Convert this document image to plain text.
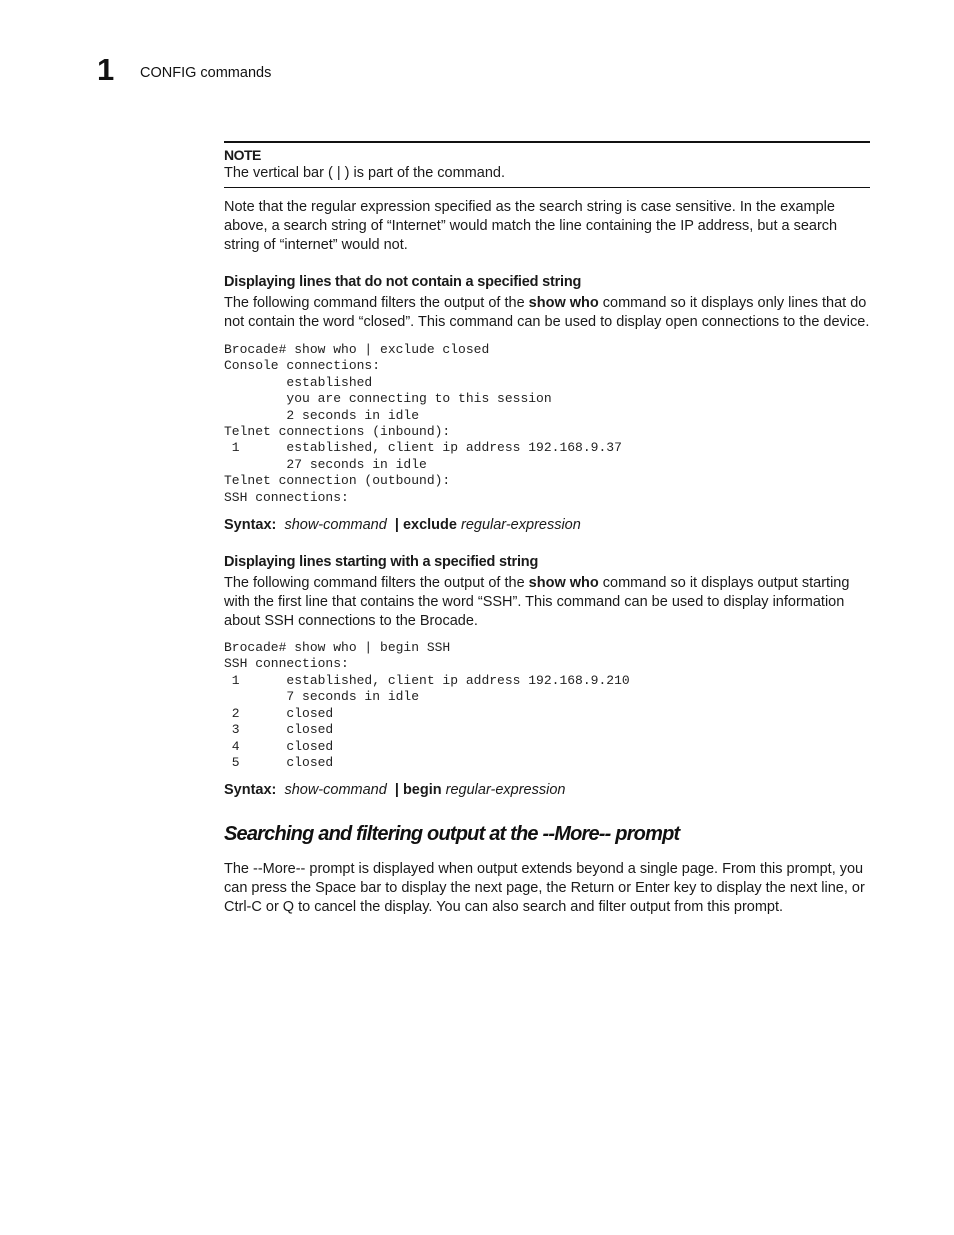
1 CONFIG commands
NOTE
The vertical bar ( | ) is part of the command.

Note that the regular expression specified as the search string is case sensitive. In the example above, a search string of “Internet” would match the line containing the IP address, but a search string of “internet” would not.

Displaying lines that do not contain a specified string

The following command filters the output of the show who command so it displays only lines that do not contain the word “closed”. This command can be used to display open connections to the device.

Brocade# show who | exclude closed
Console connections:
established
you are connecting to this session
2 seconds in idle
Telnet connections (inbound):
1      established, client ip address 192.168.9.37
27 seconds in idle
Telnet connection (outbound):
SSH connections:
Syntax: show-command | exclude regular-expression
Displaying lines starting with a specified string

The following command filters the output of the show who command so it displays output starting with the first line that contains the word “SSH”. This command can be used to display information about SSH connections to the Brocade.

Brocade# show who | begin SSH
SSH connections:
1      established, client ip address 192.168.9.210
7 seconds in idle
2      closed
3      closed
4      closed
5      closed
Syntax: show-command | begin regular-expression
Searching and filtering output at the --More-- prompt

The --More-- prompt is displayed when output extends beyond a single page. From this prompt, you can press the Space bar to display the next page, the Return or Enter key to display the next line, or Ctrl-C or Q to cancel the display. You can also search and filter output from this prompt.
